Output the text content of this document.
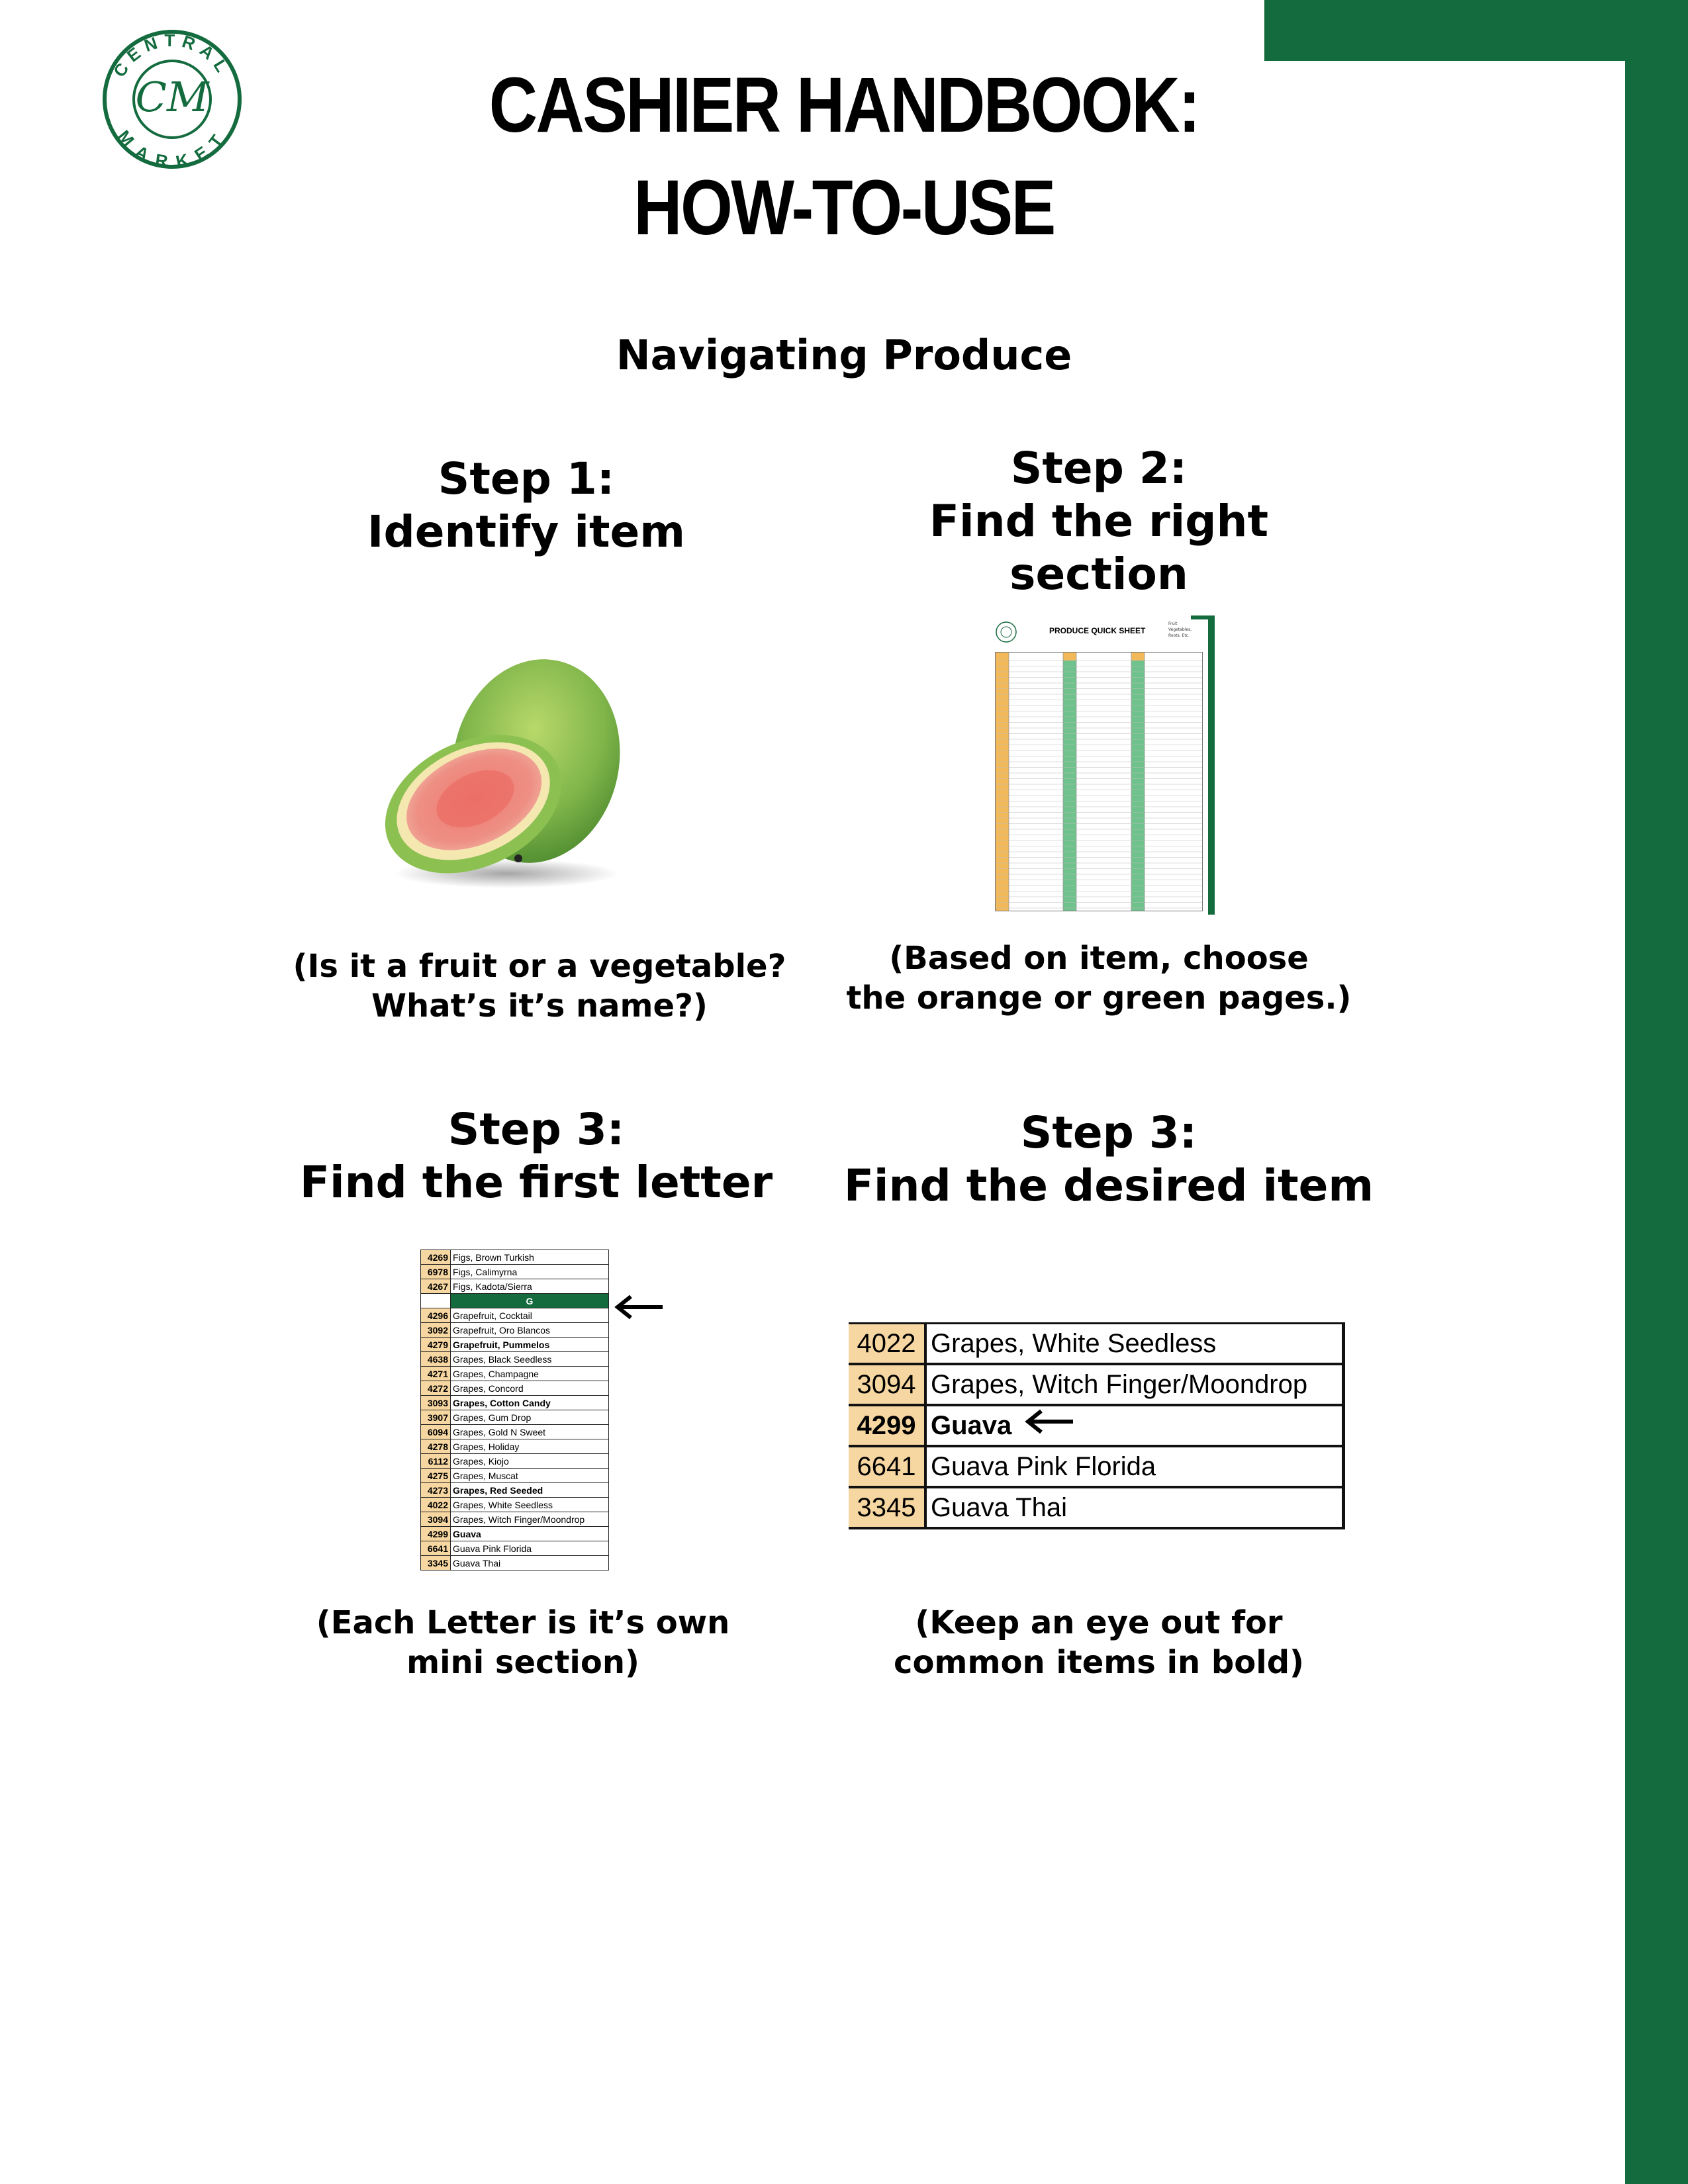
CENTRAL
MARKET
CM	CASHIER HANDBOOK:
HOW-TO-USE
Navigating Produce
Step 1:
Identify item
(Is it a fruit or a vegetable?
What’s it’s name?)
Step 2:
Find the right
section
PRODUCE QUICK SHEET
Fruit
Vegetables,
Roots, Etc.
(Based on item, choose
the orange or green pages.)
Step 3:
Find the first letter
4269	Figs, Brown Turkish
6978	Figs, Calimyrna
4267	Figs, Kadota/Sierra
	G
4296	Grapefruit, Cocktail
3092	Grapefruit, Oro Blancos
4279	Grapefruit, Pummelos
4638	Grapes, Black Seedless
4271	Grapes, Champagne
4272	Grapes, Concord
3093	Grapes, Cotton Candy
3907	Grapes, Gum Drop
6094	Grapes, Gold N Sweet
4278	Grapes, Holiday
6112	Grapes, Kiojo
4275	Grapes, Muscat
4273	Grapes, Red Seeded
4022	Grapes, White Seedless
3094	Grapes, Witch Finger/Moondrop
4299	Guava
6641	Guava Pink Florida
3345	Guava Thai
(Each Letter is it’s own
mini section)
Step 3:
Find the desired item
4022	Grapes, White Seedless
3094	Grapes, Witch Finger/Moondrop
4299	Guava
6641	Guava Pink Florida
3345	Guava Thai
(Keep an eye out for
common items in bold)
